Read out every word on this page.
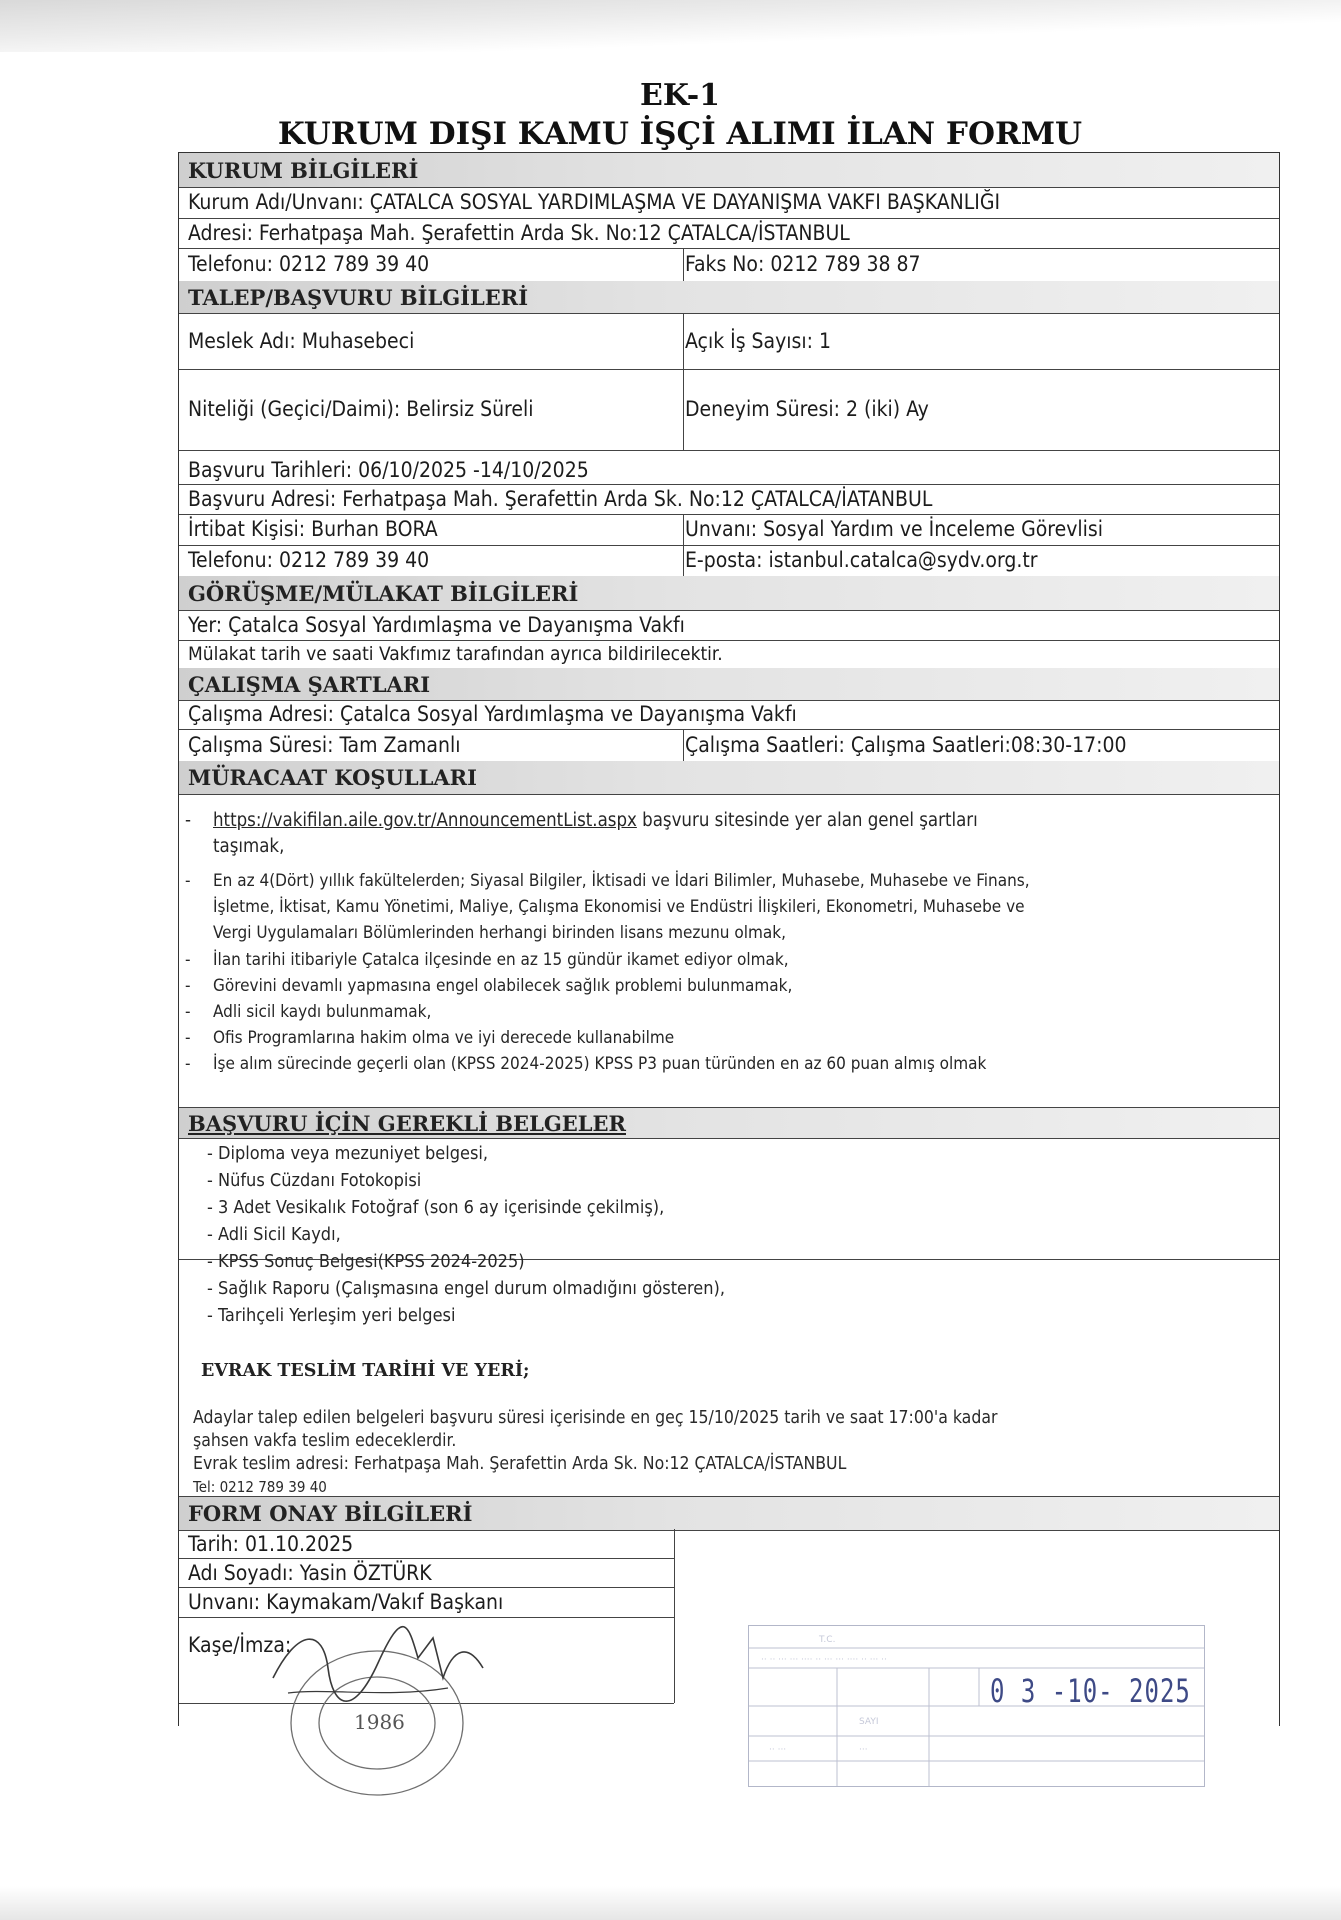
EK-1
KURUM DIŞI KAMU İŞÇİ ALIMI İLAN FORMU
KURUM BİLGİLERİ
Kurum Adı/Unvanı: ÇATALCA SOSYAL YARDIMLAŞMA VE DAYANIŞMA VAKFI BAŞKANLIĞI
Adresi: Ferhatpaşa Mah. Şerafettin Arda Sk. No:12 ÇATALCA/İSTANBUL
Telefonu: 0212 789 39 40	Faks No: 0212 789 38 87
TALEP/BAŞVURU BİLGİLERİ
Meslek Adı: Muhasebeci	Açık İş Sayısı: 1
Niteliği (Geçici/Daimi): Belirsiz Süreli	Deneyim Süresi: 2 (iki) Ay
Başvuru Tarihleri: 06/10/2025 -14/10/2025
Başvuru Adresi: Ferhatpaşa Mah. Şerafettin Arda Sk. No:12 ÇATALCA/İATANBUL
İrtibat Kişisi: Burhan BORA	Unvanı: Sosyal Yardım ve İnceleme Görevlisi
Telefonu: 0212 789 39 40	E-posta: istanbul.catalca@sydv.org.tr
GÖRÜŞME/MÜLAKAT BİLGİLERİ
Yer: Çatalca Sosyal Yardımlaşma ve Dayanışma Vakfı
Mülakat tarih ve saati Vakfımız tarafından ayrıca bildirilecektir.
ÇALIŞMA ŞARTLARI
Çalışma Adresi: Çatalca Sosyal Yardımlaşma ve Dayanışma Vakfı
Çalışma Süresi: Tam Zamanlı	Çalışma Saatleri: Çalışma Saatleri:08:30-17:00
MÜRACAAT KOŞULLARI
- https://vakifilan.aile.gov.tr/AnnouncementList.aspx başvuru sitesinde yer alan genel şartları
taşımak,
- En az 4(Dört) yıllık fakültelerden; Siyasal Bilgiler, İktisadi ve İdari Bilimler, Muhasebe, Muhasebe ve Finans,
İşletme, İktisat, Kamu Yönetimi, Maliye, Çalışma Ekonomisi ve Endüstri İlişkileri, Ekonometri, Muhasebe ve
Vergi Uygulamaları Bölümlerinden herhangi birinden lisans mezunu olmak,
- İlan tarihi itibariyle Çatalca ilçesinde en az 15 gündür ikamet ediyor olmak,
- Görevini devamlı yapmasına engel olabilecek sağlık problemi bulunmamak,
- Adli sicil kaydı bulunmamak,
- Ofis Programlarına hakim olma ve iyi derecede kullanabilme
- İşe alım sürecinde geçerli olan (KPSS 2024-2025) KPSS P3 puan türünden en az 60 puan almış olmak
BAŞVURU İÇİN GEREKLİ BELGELER
- Diploma veya mezuniyet belgesi,
- Nüfus Cüzdanı Fotokopisi
- 3 Adet Vesikalık Fotoğraf (son 6 ay içerisinde çekilmiş),
- Adli Sicil Kaydı,
- KPSS Sonuç Belgesi(KPSS 2024-2025)
- Sağlık Raporu (Çalışmasına engel durum olmadığını gösteren),
- Tarihçeli Yerleşim yeri belgesi
EVRAK TESLİM TARİHİ VE YERİ;
Adaylar talep edilen belgeleri başvuru süresi içerisinde en geç 15/10/2025 tarih ve saat 17:00'a kadar
şahsen vakfa teslim edeceklerdir.
Evrak teslim adresi: Ferhatpaşa Mah. Şerafettin Arda Sk. No:12 ÇATALCA/İSTANBUL
Tel: 0212 789 39 40
FORM ONAY BİLGİLERİ
Tarih: 01.10.2025
Adı Soyadı: Yasin ÖZTÜRK
Unvanı: Kaymakam/Vakıf Başkanı
Kaşe/İmza:	T.C.
·· ·· ··· ··· ···· ·· ··· ··· ···· ·· ··· ··
SAYI
·· ···	···
0 3 -10- 2025
1986
